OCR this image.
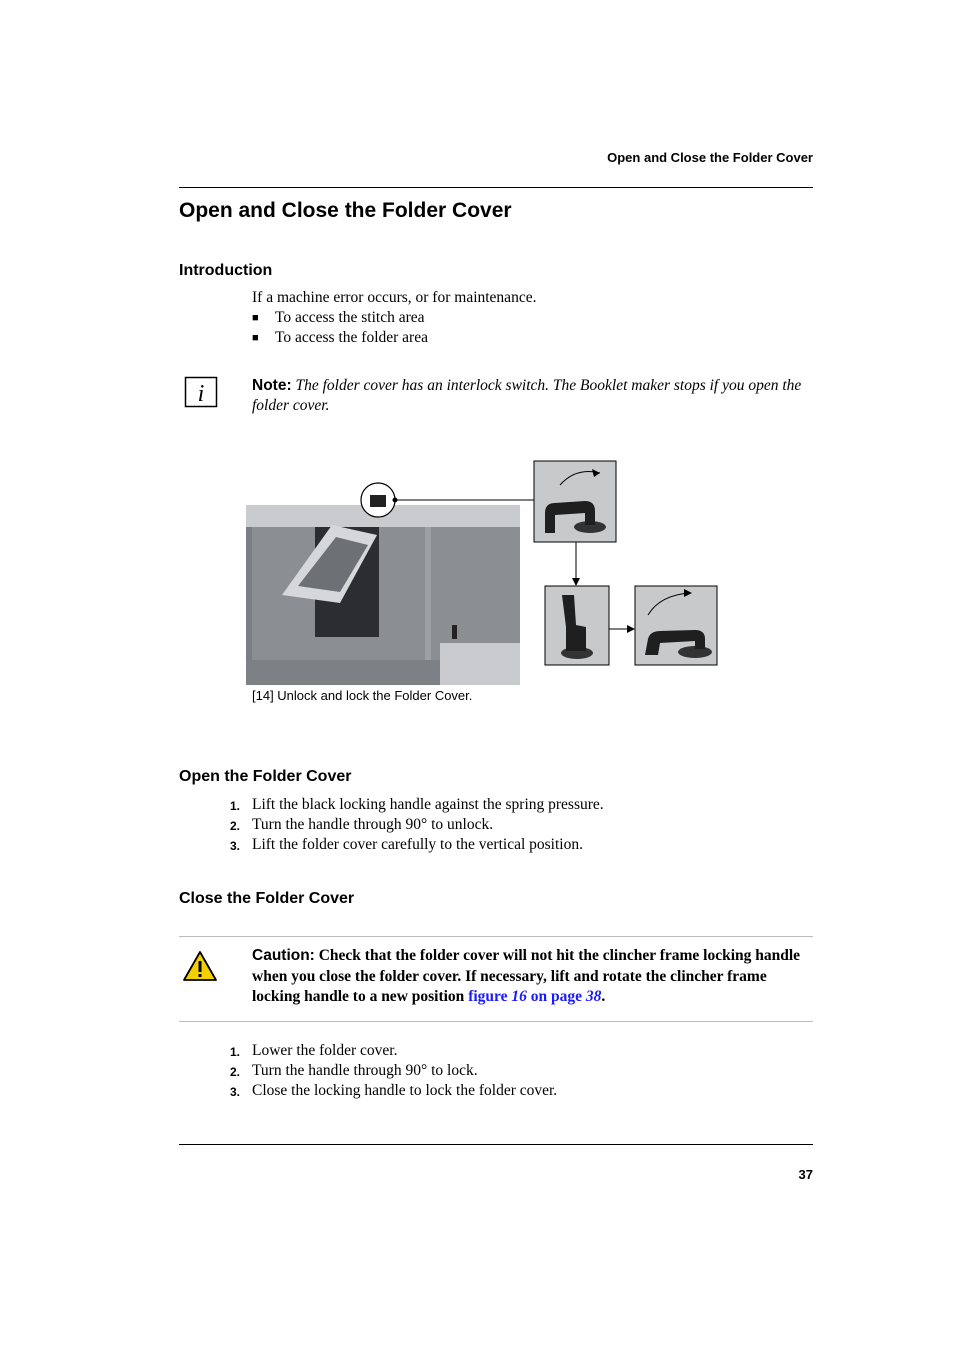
Open and Close the Folder Cover
Open and Close the Folder Cover
Introduction
If a machine error occurs, or for maintenance.
■ To access the stitch area
■ To access the folder area
i	Note: The folder cover has an interlock switch. The Booklet maker stops if you open the folder cover.
[14] Unlock and lock the Folder Cover.
Open the Folder Cover
1. Lift the black locking handle against the spring pressure.
2. Turn the handle through 90° to unlock.
3. Lift the folder cover carefully to the vertical position.
Close the Folder Cover
Caution: Check that the folder cover will not hit the clincher frame locking handle when you close the folder cover. If necessary, lift and rotate the clincher frame locking handle to a new position figure 16 on page 38.
1. Lower the folder cover.
2. Turn the handle through 90° to lock.
3. Close the locking handle to lock the folder cover.
37
